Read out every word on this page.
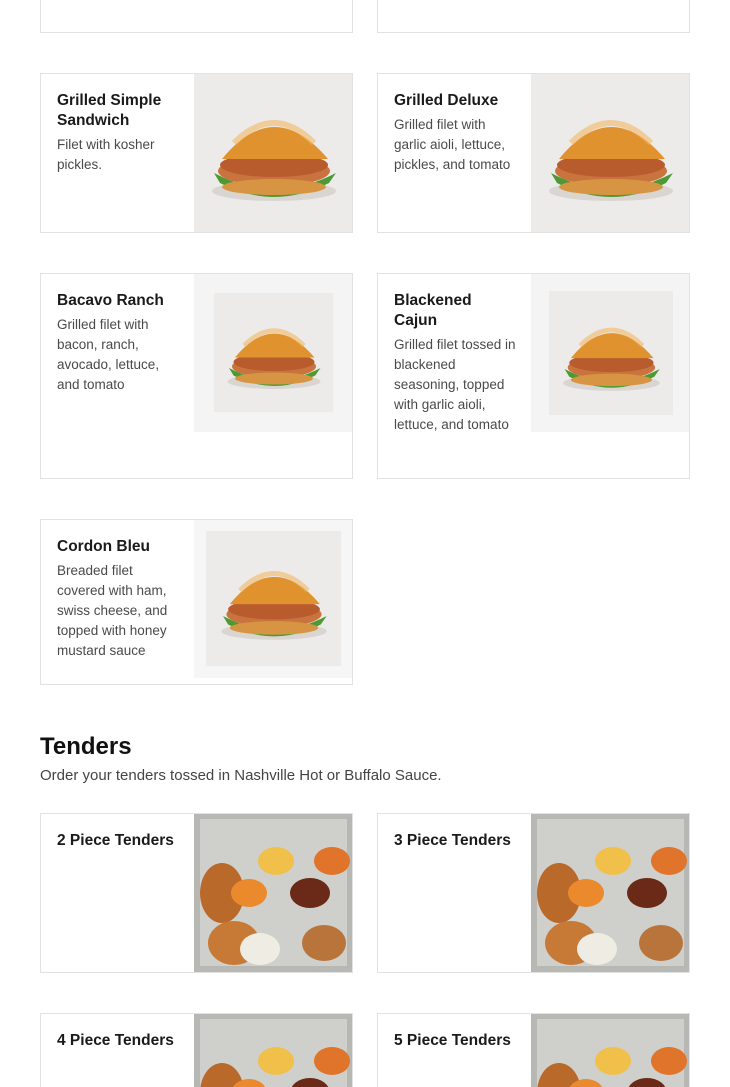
Grilled Simple Sandwich
Filet with kosher pickles.
Grilled Deluxe
Grilled filet with garlic aioli, lettuce, pickles, and tomato
Bacavo Ranch
Grilled filet with bacon, ranch, avocado, lettuce, and tomato
Blackened Cajun
Grilled filet tossed in blackened seasoning, topped with garlic aioli, lettuce, and tomato
Cordon Bleu
Breaded filet covered with ham, swiss cheese, and topped with honey mustard sauce
Tenders
Order your tenders tossed in Nashville Hot or Buffalo Sauce.
2 Piece Tenders	3 Piece Tenders
4 Piece Tenders	5 Piece Tenders
